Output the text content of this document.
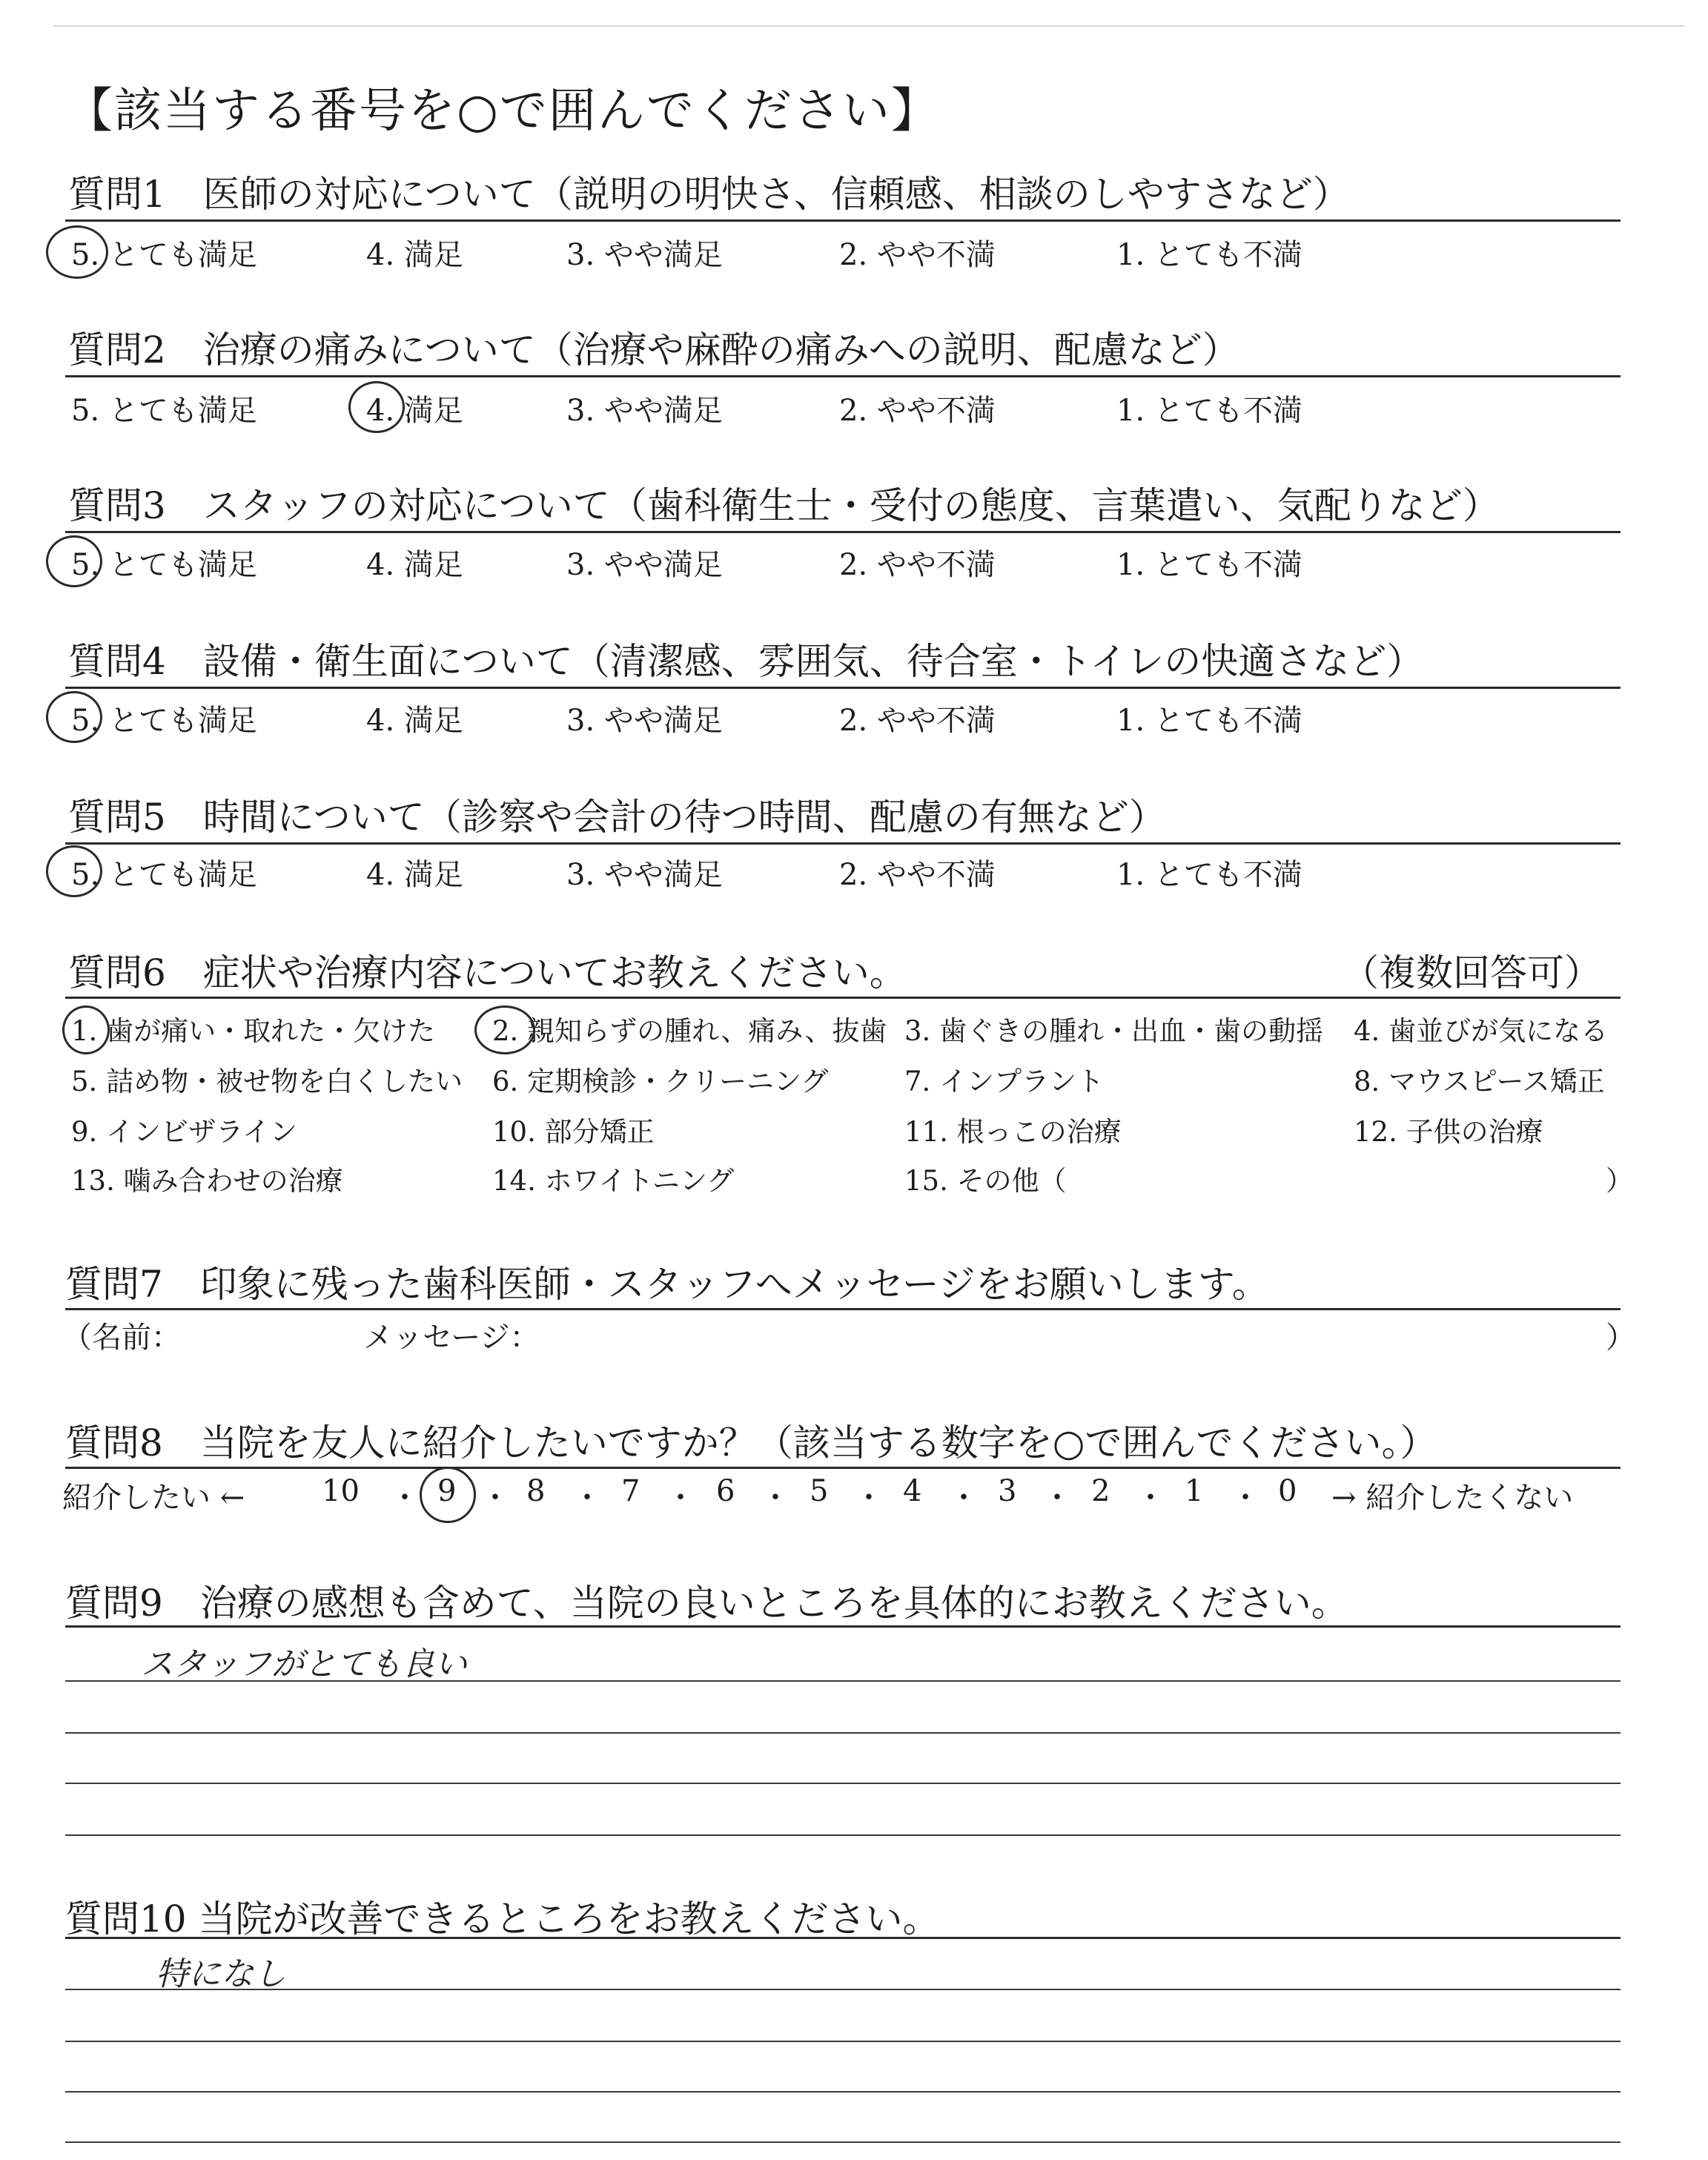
【該当する番号を○で囲んでください】
質問1　医師の対応について（説明の明快さ、信頼感、相談のしやすさなど）
5. とても満足	4. 満足	3. やや満足	2. やや不満	1. とても不満
質問2　治療の痛みについて（治療や麻酔の痛みへの説明、配慮など）
5. とても満足	4. 満足	3. やや満足	2. やや不満	1. とても不満
質問3　スタッフの対応について（歯科衛生士・受付の態度、言葉遣い、気配りなど）
5. とても満足	4. 満足	3. やや満足	2. やや不満	1. とても不満
質問4　設備・衛生面について（清潔感、雰囲気、待合室・トイレの快適さなど）
5. とても満足	4. 満足	3. やや満足	2. やや不満	1. とても不満
質問5　時間について（診察や会計の待つ時間、配慮の有無など）
5. とても満足	4. 満足	3. やや満足	2. やや不満	1. とても不満
質問6　症状や治療内容についてお教えください。	（複数回答可）
1. 歯が痛い・取れた・欠けた 2. 親知らずの腫れ、痛み、抜歯 3. 歯ぐきの腫れ・出血・歯の動揺 4. 歯並びが気になる
5. 詰め物・被せ物を白くしたい 6. 定期検診・クリーニング	7. インプラント	8. マウスピース矯正
9. インビザライン	10. 部分矯正	11. 根っこの治療	12. 子供の治療
13. 噛み合わせの治療	14. ホワイトニング	15. その他（	）
質問7　印象に残った歯科医師・スタッフへメッセージをお願いします。
（名前：	メッセージ：	）
質問8　当院を友人に紹介したいですか？（該当する数字を○で囲んでください。）
紹介したい ←	10 ・ 9 ・ 8 ・ 7 ・ 6 ・ 5 ・ 4 ・ 3 ・ 2 ・ 1 ・ 0 → 紹介したくない
質問9　治療の感想も含めて、当院の良いところを具体的にお教えください。
スタッフがとても良い
質問10 当院が改善できるところをお教えください。
特になし
